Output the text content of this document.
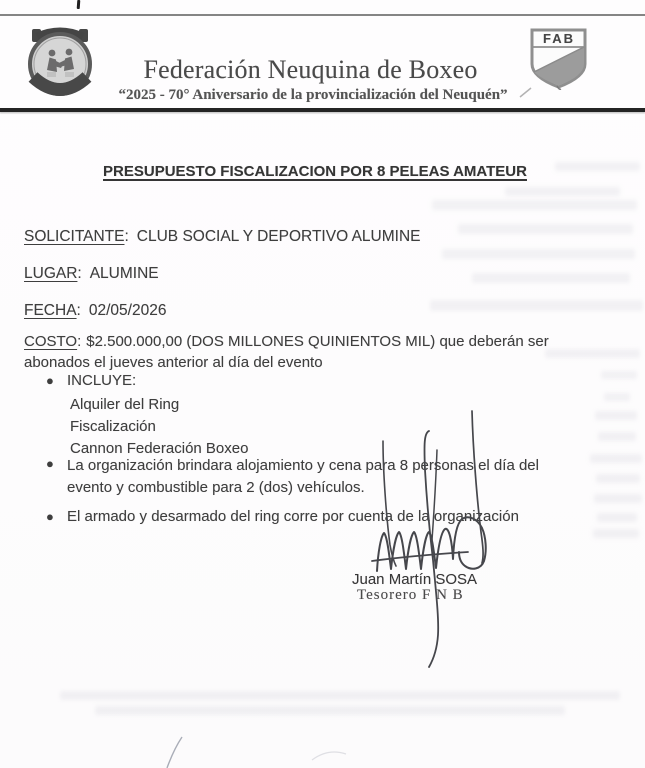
Federación Neuquina de Boxeo
“2025 - 70° Aniversario de la provincialización del Neuquén”
FAB
PRESUPUESTO FISCALIZACION POR 8 PELEAS AMATEUR
SOLICITANTE: CLUB SOCIAL Y DEPORTIVO ALUMINE
LUGAR: ALUMINE
FECHA: 02/05/2026
COSTO: $2.500.000,00 (DOS MILLONES QUINIENTOS MIL) que deberán ser
abonados el jueves anterior al día del evento
● INCLUYE:
Alquiler del Ring
Fiscalización
Cannon Federación Boxeo
● La organización brindara alojamiento y cena para 8 personas el día del
evento y combustible para 2 (dos) vehículos.
● El armado y desarmado del ring corre por cuenta de la organización
Juan Martín SOSA
Tesorero F N B
